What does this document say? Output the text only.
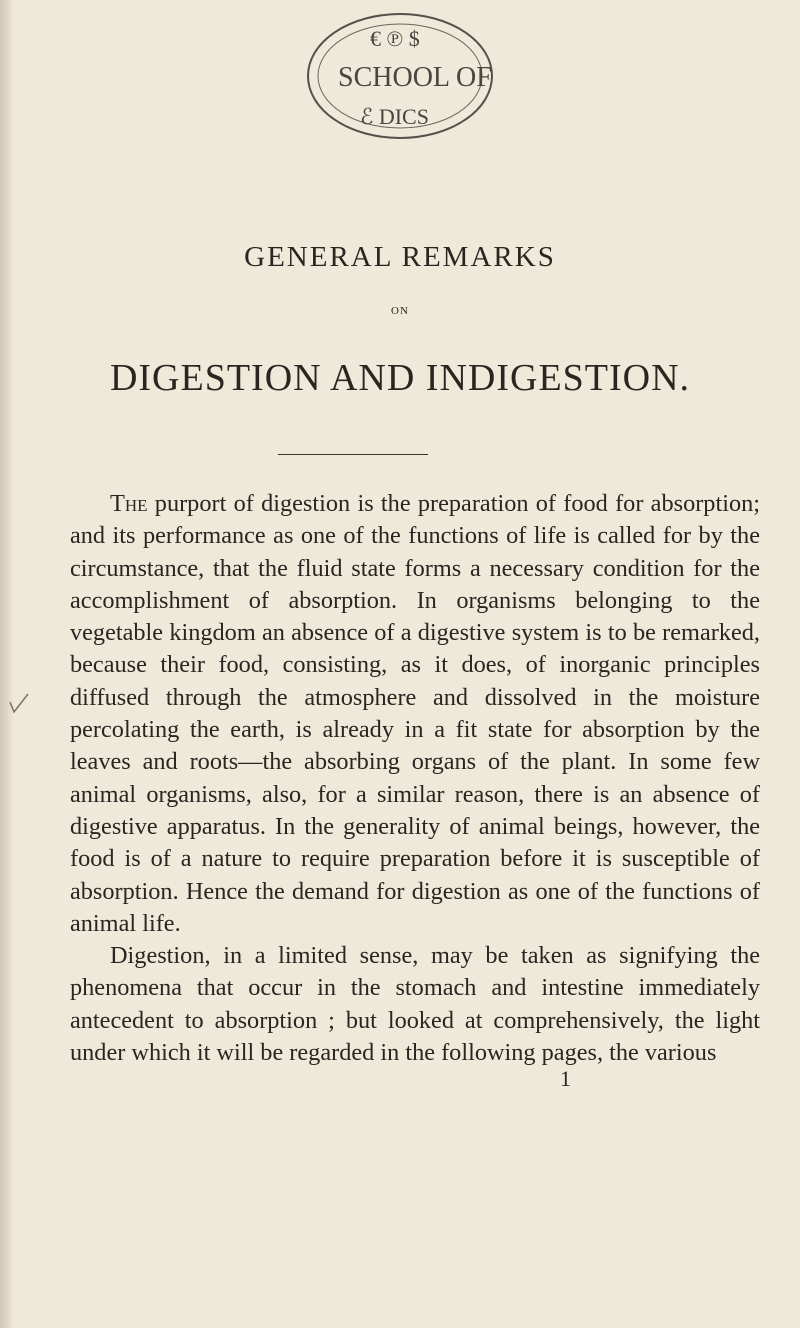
€ ℗ $
SCHOOL OF
ℰ DICS
GENERAL REMARKS
ON
DIGESTION AND INDIGESTION.

The purport of digestion is the preparation of food for absorption; and its performance as one of the functions of life is called for by the circumstance, that the fluid state forms a necessary condition for the accomplishment of absorption. In organisms belonging to the vegetable kingdom an absence of a digestive system is to be remarked, because their food, consisting, as it does, of inorganic principles diffused through the atmosphere and dissolved in the moisture percolating the earth, is already in a fit state for absorption by the leaves and roots—the absorbing organs of the plant. In some few animal organisms, also, for a similar reason, there is an absence of digestive apparatus. In the generality of animal beings, however, the food is of a nature to require preparation before it is susceptible of absorption. Hence the demand for digestion as one of the functions of animal life.

Digestion, in a limited sense, may be taken as signifying the phenomena that occur in the stomach and intestine immediately antecedent to absorption ; but looked at comprehensively, the light under which it will be regarded in the following pages, the various

1
